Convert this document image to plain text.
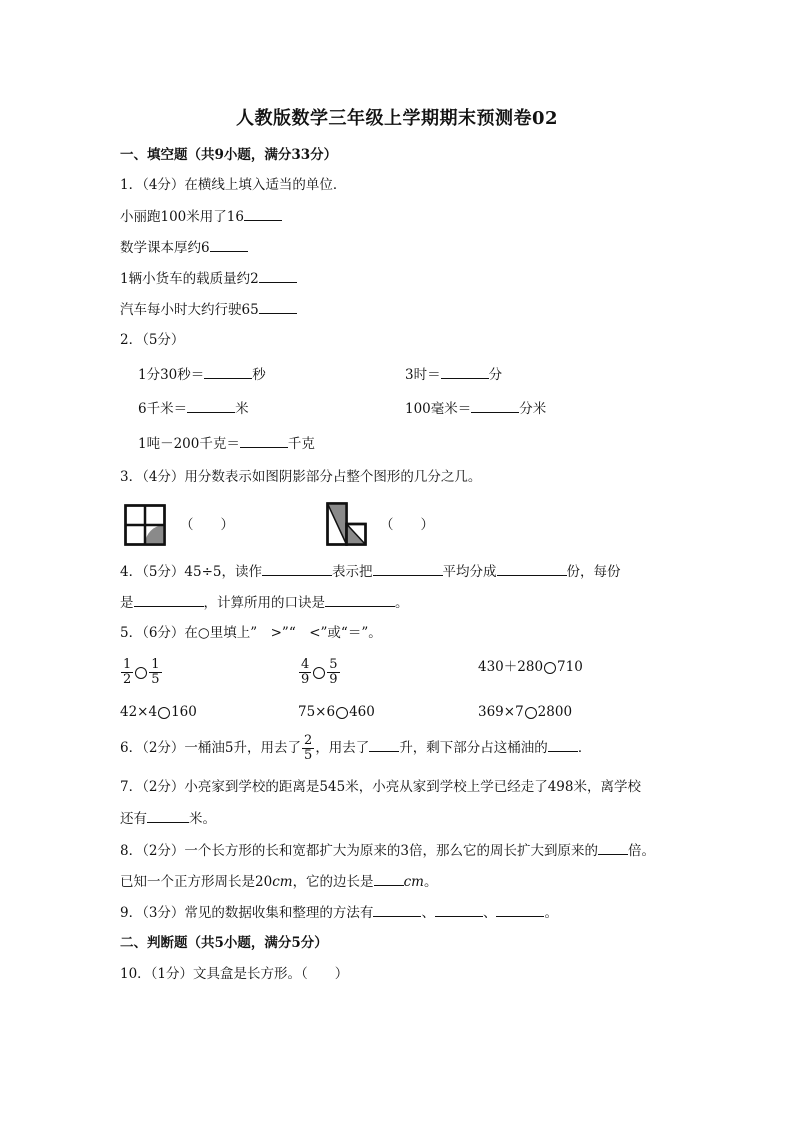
人教版数学三年级上学期期末预测卷02
一、填空题（共9小题，满分33分）
1．（4分）在横线上填入适当的单位．
小丽跑100米用了16
数学课本厚约6
1辆小货车的载质量约2
汽车每小时大约行驶65
2．（5分）
1分30秒＝	秒	3时＝	分
6千米＝	米	100毫米＝	分米
1吨－200千克＝	千克
3．（4分）用分数表示如图阴影部分占整个图形的几分之几。
（　　）	（　　）
4．（5分）45÷5，读作	表示把	平均分成	份，每份
是	，计算所用的口诀是	。
5．（6分）在○里填上”　>”“　<”或“＝”。
$\frac{1}{2} \frac{1}{5}$	$\frac{4}{9} \frac{5}{9}$	430＋280 710
42×4 160	75×6 460	369×7 2800
6．（2分）一桶油5升，用去了 $\frac{2}{5}$ ，用去了 升，剩下部分占这桶油的 ．
7．（2分）小亮家到学校的距离是545米，小亮从家到学校上学已经走了498米，离学校
还有	米。
8．（2分）一个长方形的长和宽都扩大为原来的3倍，那么它的周长扩大到原来的 倍。
已知一个正方形周长是20cm，它的边长是 cm。
9．（3分）常见的数据收集和整理的方法有	、	、	。
二、判断题（共5小题，满分5分）
10．（1分）文具盒是长方形。（　　）
